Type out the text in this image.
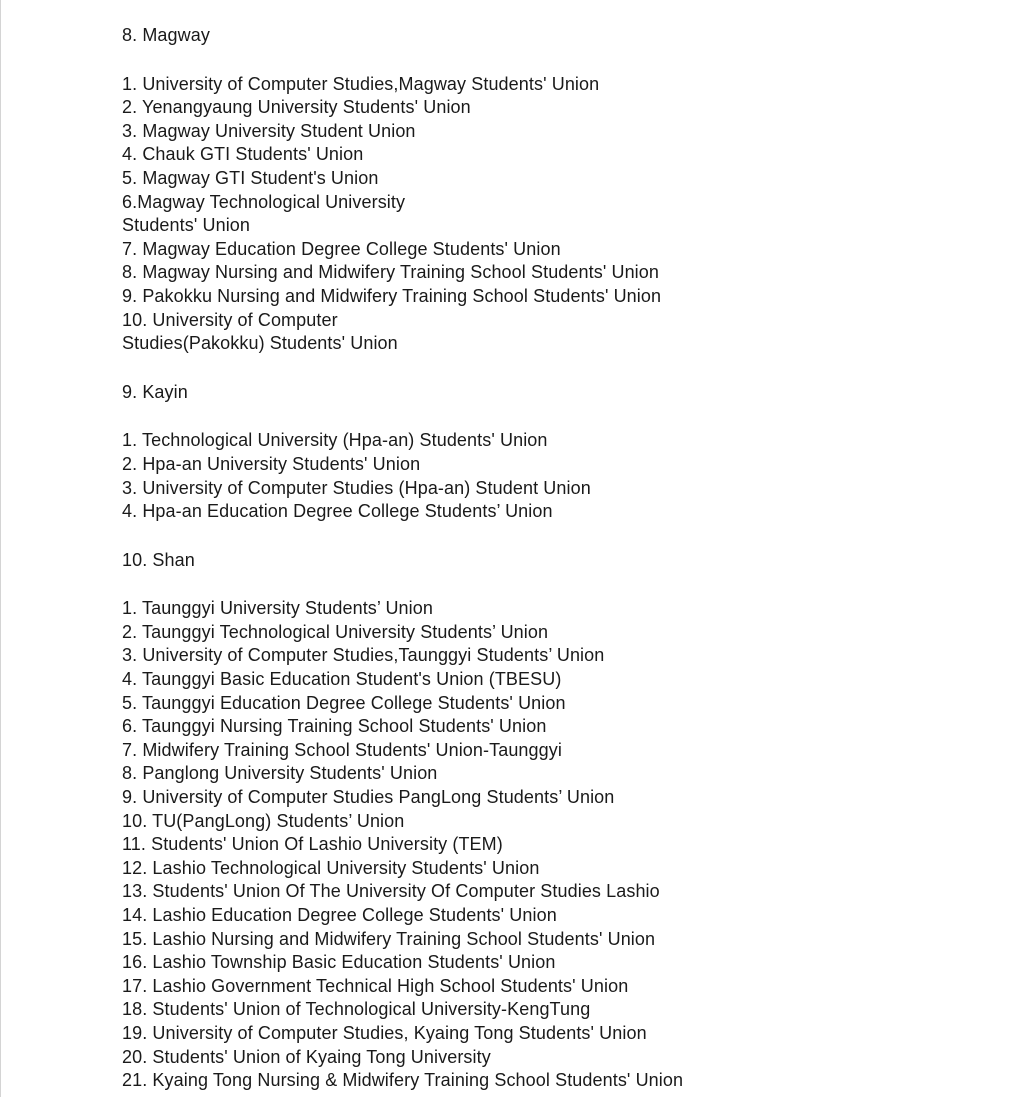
8. Magway

1. University of Computer Studies,Magway Students' Union

2. Yenangyaung University Students' Union

3. Magway University Student Union

4. Chauk GTI Students' Union

5. Magway GTI Student's Union

6.Magway Technological University

Students' Union

7. Magway Education Degree College Students' Union

8. Magway Nursing and Midwifery Training School Students' Union

9. Pakokku Nursing and Midwifery Training School Students' Union

10. University of Computer

Studies(Pakokku) Students' Union

9. Kayin

1. Technological University (Hpa-an) Students' Union

2. Hpa-an University Students' Union

3. University of Computer Studies (Hpa-an) Student Union

4. Hpa-an Education Degree College Students’ Union

10. Shan

1. Taunggyi University Students’ Union

2. Taunggyi Technological University Students’ Union

3. University of Computer Studies,Taunggyi Students’ Union

4. Taunggyi Basic Education Student's Union (TBESU)

5. Taunggyi Education Degree College Students' Union

6. Taunggyi Nursing Training School Students' Union

7. Midwifery Training School Students' Union-Taunggyi

8. Panglong University Students' Union

9. University of Computer Studies PangLong Students’ Union

10. TU(PangLong) Students’ Union

11. Students' Union Of Lashio University (TEM)

12. Lashio Technological University Students' Union

13. Students' Union Of The University Of Computer Studies Lashio

14. Lashio Education Degree College Students' Union

15. Lashio Nursing and Midwifery Training School Students' Union

16. Lashio Township Basic Education Students' Union

17. Lashio Government Technical High School Students' Union

18. Students' Union of Technological University-KengTung

19. University of Computer Studies, Kyaing Tong Students' Union

20. Students' Union of Kyaing Tong University

21. Kyaing Tong Nursing & Midwifery Training School Students' Union
